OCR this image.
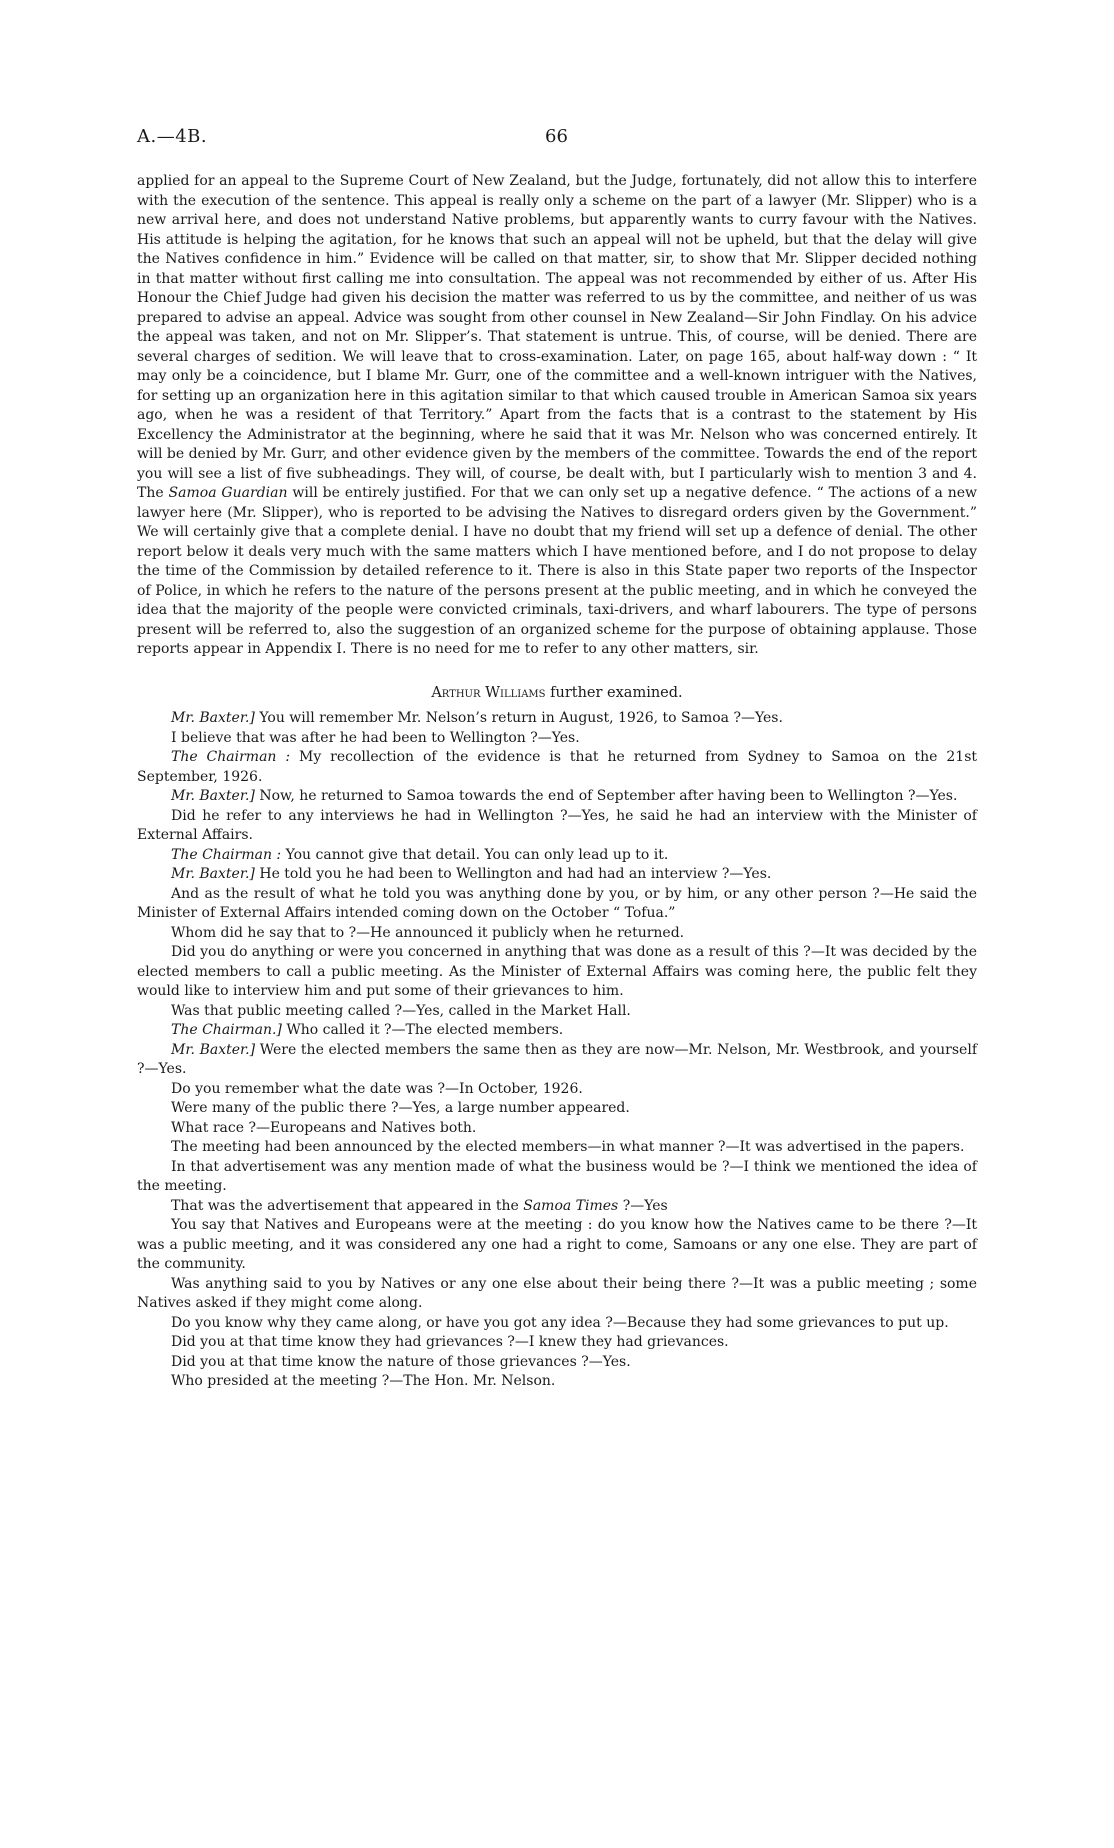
A.—4B.	66

applied for an appeal to the Supreme Court of New Zealand, but the Judge, fortunately, did not allow this to interfere with the execution of the sentence. This appeal is really only a scheme on the part of a lawyer (Mr. Slipper) who is a new arrival here, and does not understand Native problems, but apparently wants to curry favour with the Natives. His attitude is helping the agitation, for he knows that such an appeal will not be upheld, but that the delay will give the Natives confidence in him.” Evidence will be called on that matter, sir, to show that Mr. Slipper decided nothing in that matter without first calling me into consultation. The appeal was not recommended by either of us. After His Honour the Chief Judge had given his decision the matter was referred to us by the committee, and neither of us was prepared to advise an appeal. Advice was sought from other counsel in New Zealand—Sir John Findlay. On his advice the appeal was taken, and not on Mr. Slipper’s. That statement is untrue. This, of course, will be denied. There are several charges of sedition. We will leave that to cross-examination. Later, on page 165, about half-way down : “ It may only be a coincidence, but I blame Mr. Gurr, one of the committee and a well-known intriguer with the Natives, for setting up an organization here in this agitation similar to that which caused trouble in American Samoa six years ago, when he was a resident of that Territory.” Apart from the facts that is a contrast to the statement by His Excellency the Administrator at the beginning, where he said that it was Mr. Nelson who was concerned entirely. It will be denied by Mr. Gurr, and other evidence given by the members of the committee. Towards the end of the report you will see a list of five subheadings. They will, of course, be dealt with, but I particularly wish to mention 3 and 4. The Samoa Guardian will be entirely justified. For that we can only set up a negative defence. “ The actions of a new lawyer here (Mr. Slipper), who is reported to be advising the Natives to disregard orders given by the Government.” We will certainly give that a complete denial. I have no doubt that my friend will set up a defence of denial. The other report below it deals very much with the same matters which I have mentioned before, and I do not propose to delay the time of the Commission by detailed reference to it. There is also in this State paper two reports of the Inspector of Police, in which he refers to the nature of the persons present at the public meeting, and in which he conveyed the idea that the majority of the people were convicted criminals, taxi-drivers, and wharf labourers. The type of persons present will be referred to, also the suggestion of an organized scheme for the purpose of obtaining applause. Those reports appear in Appendix I. There is no need for me to refer to any other matters, sir.

Arthur Williams further examined.

Mr. Baxter.] You will remember Mr. Nelson’s return in August, 1926, to Samoa ?—Yes.

I believe that was after he had been to Wellington ?—Yes.

The Chairman : My recollection of the evidence is that he returned from Sydney to Samoa on the 21st September, 1926.

Mr. Baxter.] Now, he returned to Samoa towards the end of September after having been to Wellington ?—Yes.

Did he refer to any interviews he had in Wellington ?—Yes, he said he had an interview with the Minister of External Affairs.

The Chairman : You cannot give that detail. You can only lead up to it.

Mr. Baxter.] He told you he had been to Wellington and had had an interview ?—Yes.

And as the result of what he told you was anything done by you, or by him, or any other person ?—He said the Minister of External Affairs intended coming down on the October “ Tofua.”

Whom did he say that to ?—He announced it publicly when he returned.

Did you do anything or were you concerned in anything that was done as a result of this ?—It was decided by the elected members to call a public meeting. As the Minister of External Affairs was coming here, the public felt they would like to interview him and put some of their grievances to him.

Was that public meeting called ?—Yes, called in the Market Hall.

The Chairman.] Who called it ?—The elected members.

Mr. Baxter.] Were the elected members the same then as they are now—Mr. Nelson, Mr. Westbrook, and yourself ?—Yes.

Do you remember what the date was ?—In October, 1926.

Were many of the public there ?—Yes, a large number appeared.

What race ?—Europeans and Natives both.

The meeting had been announced by the elected members—in what manner ?—It was advertised in the papers.

In that advertisement was any mention made of what the business would be ?—I think we mentioned the idea of the meeting.

That was the advertisement that appeared in the Samoa Times ?—Yes

You say that Natives and Europeans were at the meeting : do you know how the Natives came to be there ?—It was a public meeting, and it was considered any one had a right to come, Samoans or any one else. They are part of the community.

Was anything said to you by Natives or any one else about their being there ?—It was a public meeting ; some Natives asked if they might come along.

Do you know why they came along, or have you got any idea ?—Because they had some grievances to put up.

Did you at that time know they had grievances ?—I knew they had grievances.

Did you at that time know the nature of those grievances ?—Yes.

Who presided at the meeting ?—The Hon. Mr. Nelson.
